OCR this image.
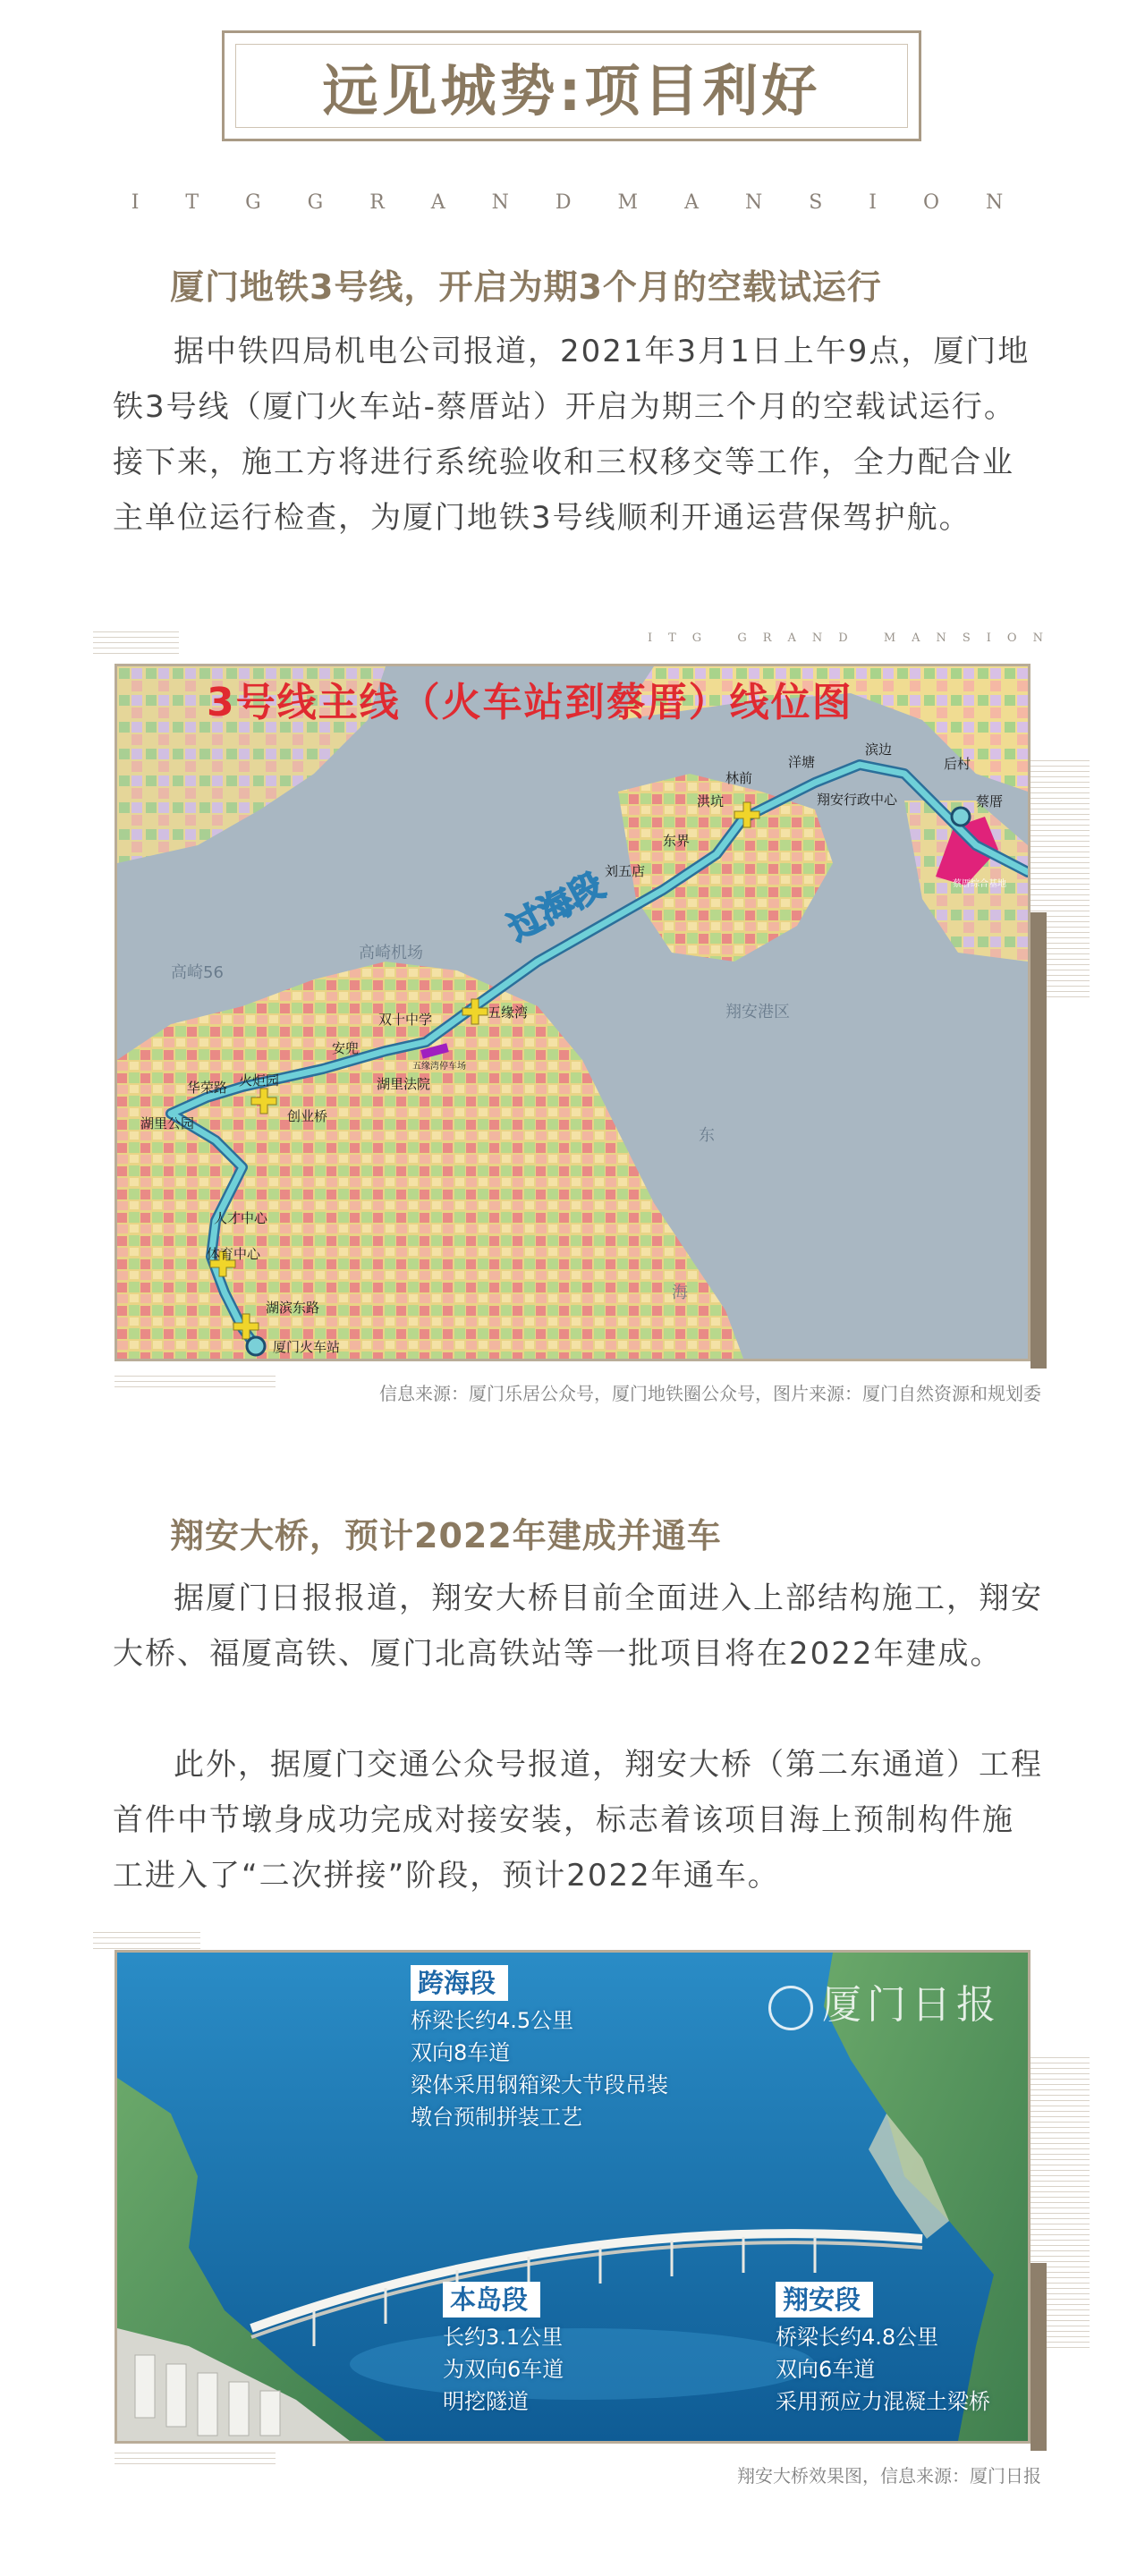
远见城势:项目利好
ITGGRANDMANSION
厦门地铁3号线，开启为期3个月的空载试运行
据中铁四局机电公司报道，2021年3月1日上午9点，厦门地铁3号线（厦门火车站-蔡厝站）开启为期三个月的空载试运行。接下来，施工方将进行系统验收和三权移交等工作，全力配合业主单位运行检查，为厦门地铁3号线顺利开通运营保驾护航。
ITG GRAND MANSION
3号线主线（火车站到蔡厝）线位图
过海段
厦门火车站
湖滨东路
体育中心
人才中心
湖里公园
华荣路 火炬园
创业桥
安兜
湖里法院
双十中学	五缘湾
刘五店
东界
洪坑
林前
洋塘
翔安行政中心
滨边
后村
蔡厝
五缘湾停车场
蔡厝综合基地
高崎机场
高崎56
翔安港区
东
海
信息来源：厦门乐居公众号，厦门地铁圈公众号，图片来源：厦门自然资源和规划委
翔安大桥，预计2022年建成并通车
据厦门日报报道，翔安大桥目前全面进入上部结构施工，翔安大桥、福厦高铁、厦门北高铁站等一批项目将在2022年建成。
此外，据厦门交通公众号报道，翔安大桥（第二东通道）工程首件中节墩身成功完成对接安装，标志着该项目海上预制构件施工进入了“二次拼接”阶段，预计2022年通车。
厦门日报
跨海段
桥梁长约4.5公里
双向8车道
梁体采用钢箱梁大节段吊装
墩台预制拼装工艺
本岛段
长约3.1公里
为双向6车道
明挖隧道
翔安段
桥梁长约4.8公里
双向6车道
采用预应力混凝土梁桥
翔安大桥效果图，信息来源：厦门日报
